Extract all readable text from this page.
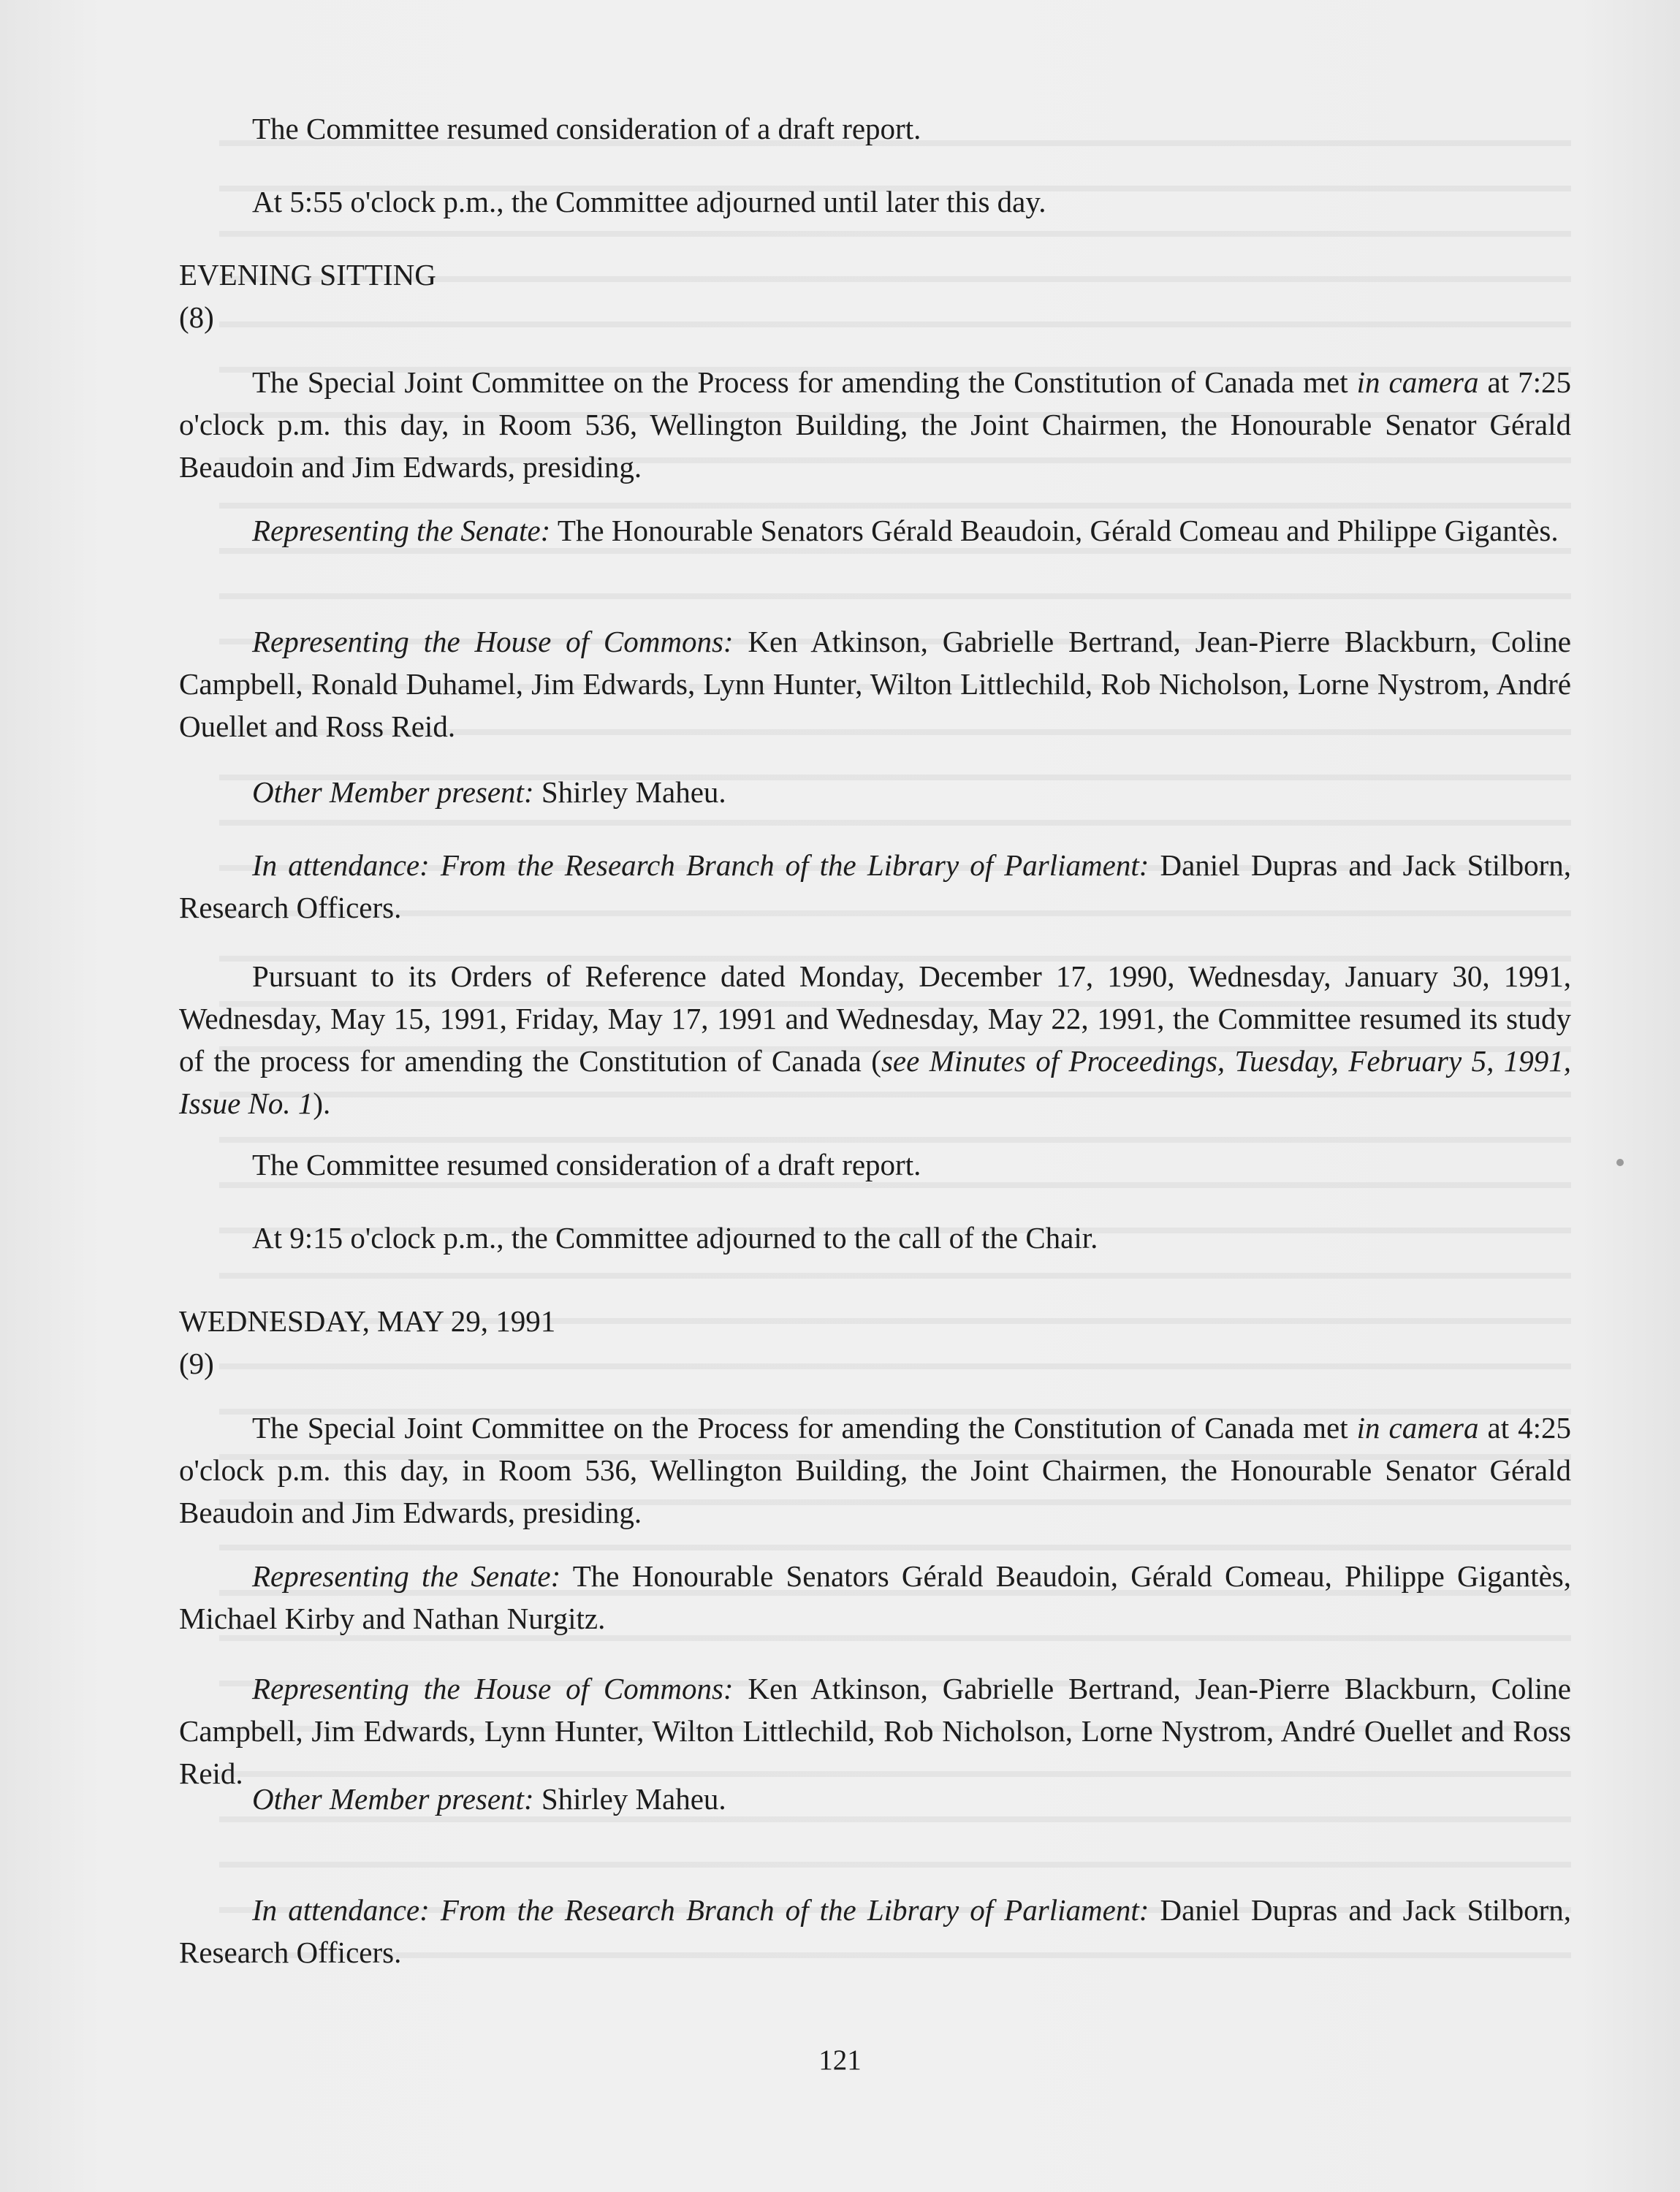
The Committee resumed consideration of a draft report.
At 5:55 o'clock p.m., the Committee adjourned until later this day.
EVENING SITTING
(8)

The Special Joint Committee on the Process for amending the Constitution of Canada met in camera at 7:25 o'clock p.m. this day, in Room 536, Wellington Building, the Joint Chairmen, the Honourable Senator Gérald Beaudoin and Jim Edwards, presiding.

Representing the Senate: The Honourable Senators Gérald Beaudoin, Gérald Comeau and Philippe Gigantès.

Representing the House of Commons: Ken Atkinson, Gabrielle Bertrand, Jean-Pierre Blackburn, Coline Campbell, Ronald Duhamel, Jim Edwards, Lynn Hunter, Wilton Littlechild, Rob Nicholson, Lorne Nystrom, André Ouellet and Ross Reid.

Other Member present: Shirley Maheu.

In attendance: From the Research Branch of the Library of Parliament: Daniel Dupras and Jack Stilborn, Research Officers.

Pursuant to its Orders of Reference dated Monday, December 17, 1990, Wednesday, January 30, 1991, Wednesday, May 15, 1991, Friday, May 17, 1991 and Wednesday, May 22, 1991, the Committee resumed its study of the process for amending the Constitution of Canada (see Minutes of Proceedings, Tuesday, February 5, 1991, Issue No. 1).

The Committee resumed consideration of a draft report.
At 9:15 o'clock p.m., the Committee adjourned to the call of the Chair.
WEDNESDAY, MAY 29, 1991
(9)

The Special Joint Committee on the Process for amending the Constitution of Canada met in camera at 4:25 o'clock p.m. this day, in Room 536, Wellington Building, the Joint Chairmen, the Honourable Senator Gérald Beaudoin and Jim Edwards, presiding.

Representing the Senate: The Honourable Senators Gérald Beaudoin, Gérald Comeau, Philippe Gigantès, Michael Kirby and Nathan Nurgitz.

Representing the House of Commons: Ken Atkinson, Gabrielle Bertrand, Jean-Pierre Blackburn, Coline Campbell, Jim Edwards, Lynn Hunter, Wilton Littlechild, Rob Nicholson, Lorne Nystrom, André Ouellet and Ross Reid.

Other Member present: Shirley Maheu.

In attendance: From the Research Branch of the Library of Parliament: Daniel Dupras and Jack Stilborn, Research Officers.

121
